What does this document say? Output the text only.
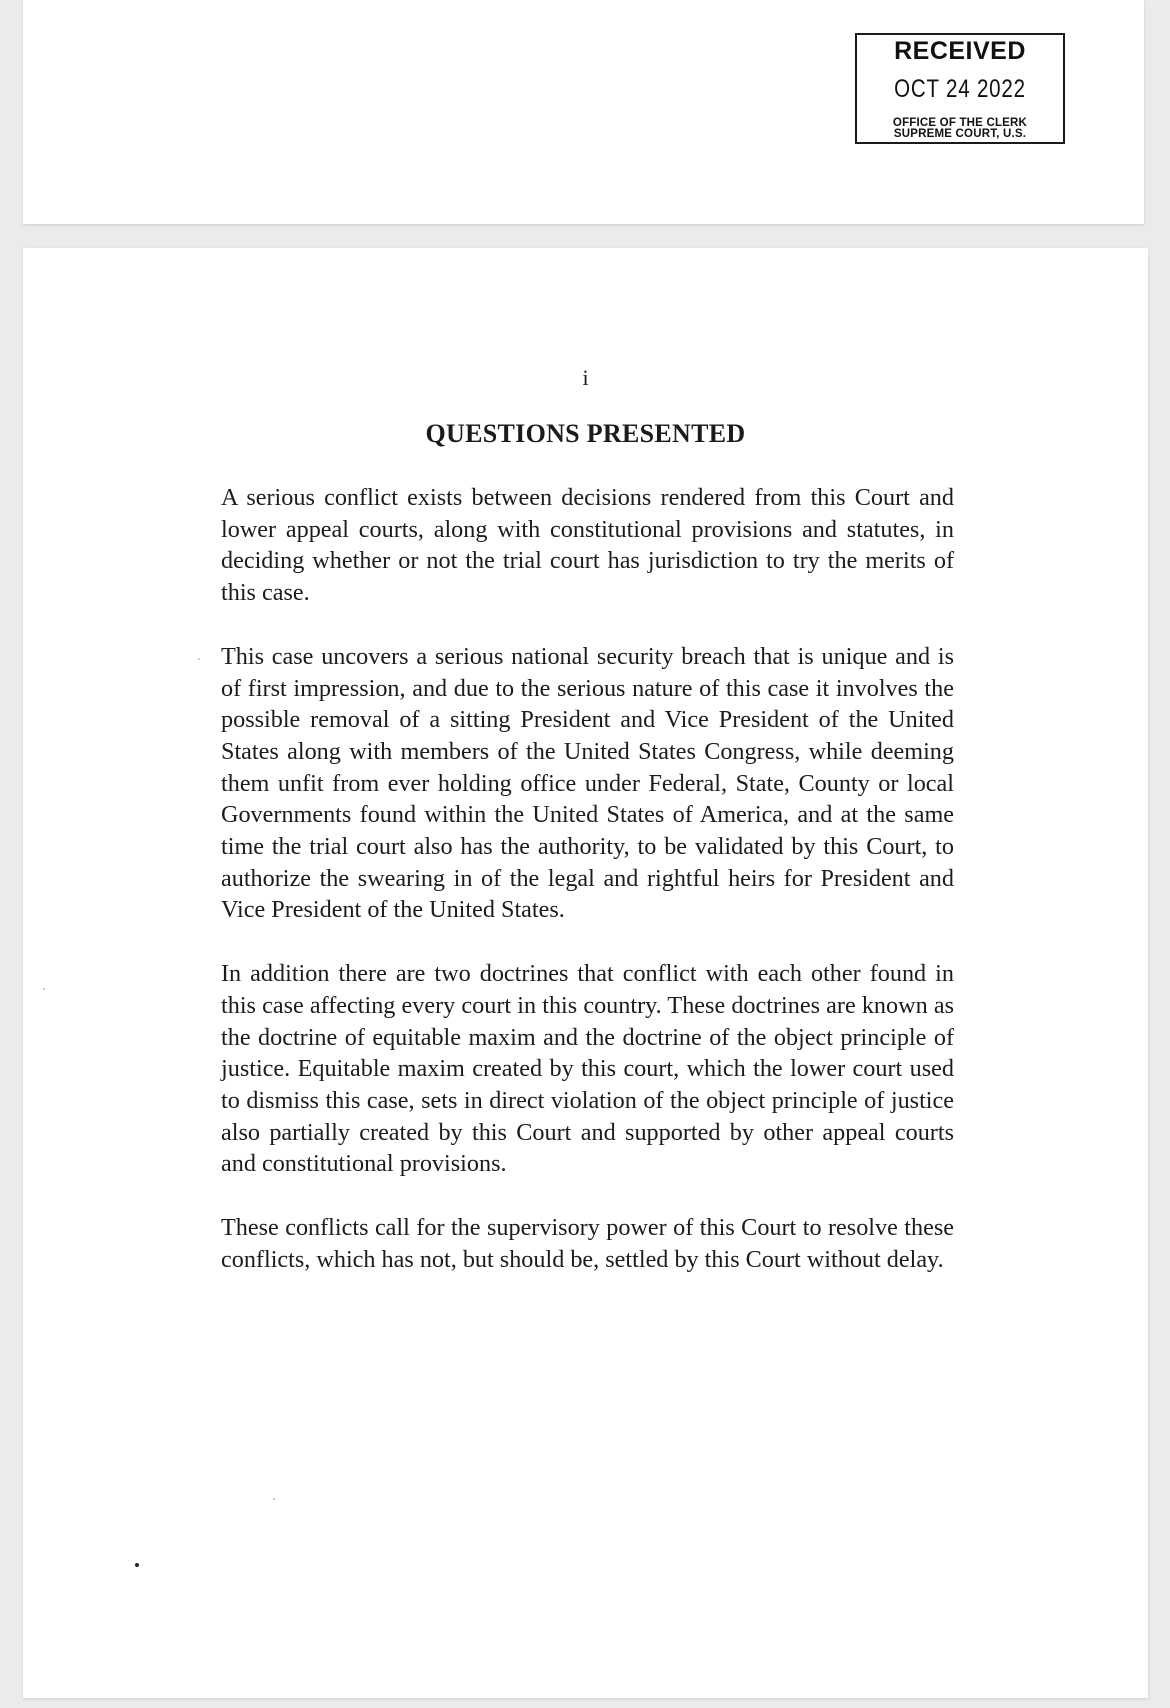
RECEIVED
OCT 24 2022
OFFICE OF THE CLERK
SUPREME COURT, U.S.
i
QUESTIONS PRESENTED

A serious conflict exists between decisions rendered from this Court and lower appeal courts, along with constitutional provisions and statutes, in deciding whether or not the trial court has jurisdiction to try the merits of this case.

This case uncovers a serious national security breach that is unique and is of first impression, and due to the serious nature of this case it involves the possible removal of a sitting President and Vice President of the United States along with members of the United States Congress, while deeming them unfit from ever holding office under Federal, State, County or local Governments found within the United States of America, and at the same time the trial court also has the authority, to be validated by this Court, to authorize the swearing in of the legal and rightful heirs for President and Vice President of the United States.

In addition there are two doctrines that conflict with each other found in this case affecting every court in this country. These doctrines are known as the doctrine of equitable maxim and the doctrine of the object principle of justice. Equitable maxim created by this court, which the lower court used to dismiss this case, sets in direct violation of the object principle of justice also partially created by this Court and supported by other appeal courts and constitutional provisions.

These conflicts call for the supervisory power of this Court to resolve these conflicts, which has not, but should be, settled by this Court without delay.
